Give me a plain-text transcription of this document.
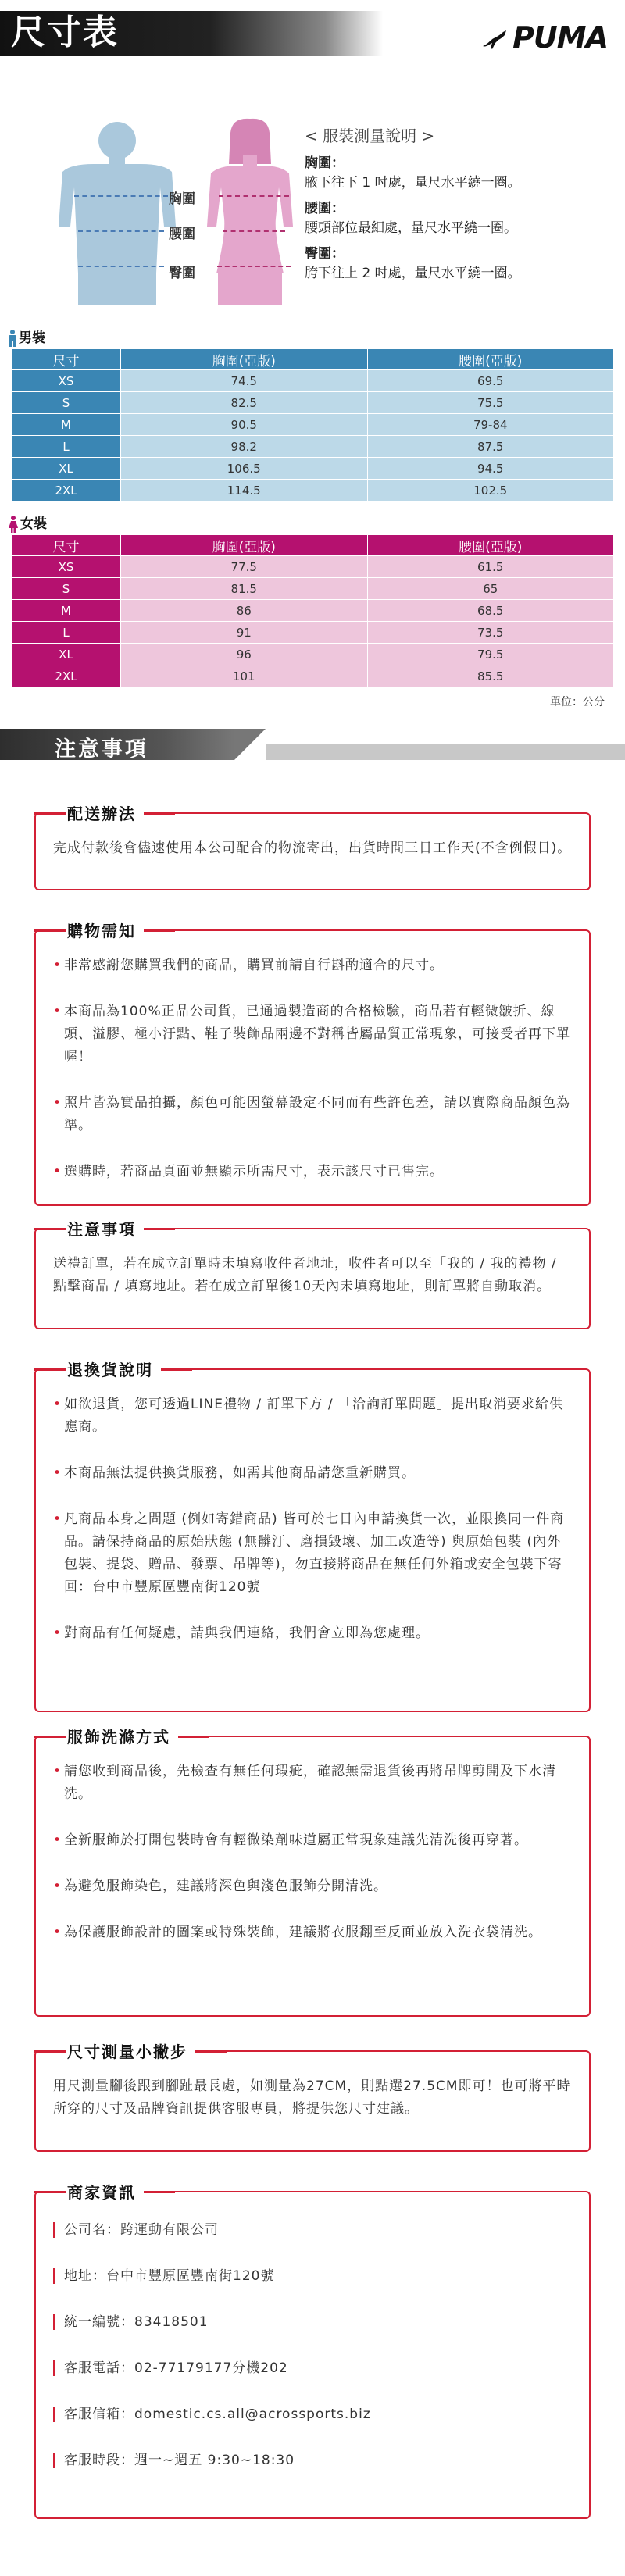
尺寸表	PUMA
胸圍
腰圍
臀圍
< 服裝測量說明 >
胸圍：
腋下往下 1 吋處，量尺水平繞一圈。
腰圍：
腰頭部位最細處，量尺水平繞一圈。
臀圍：
胯下往上 2 吋處，量尺水平繞一圈。
男裝
尺寸	胸圍(亞版)	腰圍(亞版)
XS	74.5	69.5
S	82.5	75.5
M	90.5	79-84
L	98.2	87.5
XL	106.5	94.5
2XL	114.5	102.5
女裝
尺寸	胸圍(亞版)	腰圍(亞版)
XS	77.5	61.5
S	81.5	65
M	86	68.5
L	91	73.5
XL	96	79.5
2XL	101	85.5
單位：公分
注意事項
配送辦法

完成付款後會儘速使用本公司配合的物流寄出，出貨時間三日工作天(不含例假日)。

購物需知
• 非常感謝您購買我們的商品，購買前請自行斟酌適合的尺寸。
• 本商品為100%正品公司貨，已通過製造商的合格檢驗，商品若有輕微皺折、線頭、溢膠、極小汙點、鞋子裝飾品兩邊不對稱皆屬品質正常現象，可接受者再下單喔！
• 照片皆為實品拍攝，顏色可能因螢幕設定不同而有些許色差，請以實際商品顏色為準。
• 選購時，若商品頁面並無顯示所需尺寸，表示該尺寸已售完。
注意事項

送禮訂單，若在成立訂單時未填寫收件者地址，收件者可以至「我的 / 我的禮物 / 點擊商品 / 填寫地址。若在成立訂單後10天內未填寫地址，則訂單將自動取消。

退換貨說明
• 如欲退貨，您可透過LINE禮物 / 訂單下方 / 「洽詢訂單問題」提出取消要求給供應商。
• 本商品無法提供換貨服務，如需其他商品請您重新購買。
• 凡商品本身之問題 (例如寄錯商品) 皆可於七日內申請換貨一次，並限換同一件商品。請保持商品的原始狀態 (無髒汙、磨損毀壞、加工改造等) 與原始包裝 (內外包裝、提袋、贈品、發票、吊牌等)，勿直接將商品在無任何外箱或安全包裝下寄回：台中市豐原區豐南街120號
• 對商品有任何疑慮，請與我們連絡，我們會立即為您處理。
服飾洗滌方式
• 請您收到商品後，先檢查有無任何瑕疵，確認無需退貨後再將吊牌剪開及下水清洗。
• 全新服飾於打開包裝時會有輕微染劑味道屬正常現象建議先清洗後再穿著。
• 為避免服飾染色，建議將深色與淺色服飾分開清洗。
• 為保護服飾設計的圖案或特殊裝飾，建議將衣服翻至反面並放入洗衣袋清洗。
尺寸測量小撇步

用尺測量腳後跟到腳趾最長處，如測量為27CM，則點選27.5CM即可！也可將平時所穿的尺寸及品牌資訊提供客服專員，將提供您尺寸建議。

商家資訊
公司名：跨運動有限公司
地址：台中市豐原區豐南街120號
統一編號：83418501
客服電話：02-77179177分機202
客服信箱：domestic.cs.all@acrossports.biz
客服時段：週一~週五 9:30~18:30
